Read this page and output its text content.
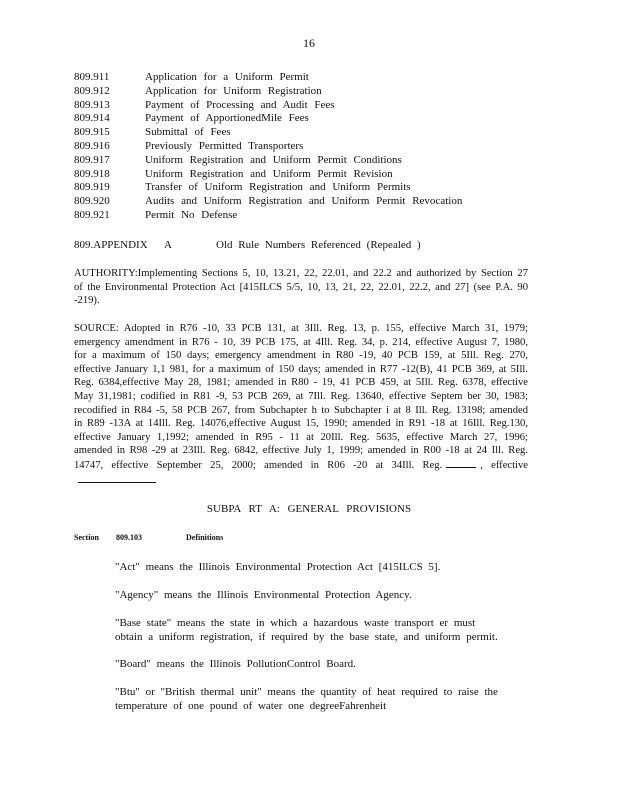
16
809.911	Application for a Uniform Permit
809.912	Application for Uniform Registration
809.913	Payment of Processing and Audit Fees
809.914	Payment of ApportionedMile Fees
809.915	Submittal of Fees
809.916	Previously Permitted Transporters
809.917	Uniform Registration and Uniform Permit Conditions
809.918	Uniform Registration and Uniform Permit Revision
809.919	Transfer of Uniform Registration and Uniform Permits
809.920	Audits and Uniform Registration and Uniform Permit Revocation
809.921	Permit No Defense
809.APPENDIX A	Old Rule Numbers Referenced (Repealed )
AUTHORITY:Implementing Sections 5, 10, 13.21, 22, 22.01, and 22.2 and authorized by Section 27 of the Environmental Protection Act [415ILCS 5/5, 10, 13, 21, 22, 22.01, 22.2, and 27] (see P.A. 90 -219).
SOURCE: Adopted in R76 -10, 33 PCB 131, at 3Ill. Reg. 13, p. 155, effective March 31, 1979; emergency amendment in R76 - 10, 39 PCB 175, at 4Ill. Reg. 34, p. 214, effective August 7, 1980, for a maximum of 150 days; emergency amendment in R80 -19, 40 PCB 159, at 5Ill. Reg. 270, effective January 1,1 981, for a maximum of 150 days; amended in R77 -12(B), 41 PCB 369, at 5Ill. Reg. 6384,effective May 28, 1981; amended in R80 - 19, 41 PCB 459, at 5Ill. Reg. 6378, effective May 31,1981; codified in R81 -9, 53 PCB 269, at 7Ill. Reg. 13640, effective Septem ber 30, 1983; recodified in R84 -5, 58 PCB 267, from Subchapter h to Subchapter i at 8 Ill. Reg. 13198; amended in R89 -13A at 14Ill. Reg. 14076,effective August 15, 1990; amended in R91 -18 at 16Ill. Reg.130, effective January 1,1992; amended in R95 - 11 at 20Ill. Reg. 5635, effective March 27, 1996; amended in R98 -29 at 23Ill. Reg. 6842, effective July 1, 1999; amended in R00 -18 at 24 Ill. Reg. 14747, effective September 25, 2000; amended in R06 -20 at 34Ill. Reg.	, effective
SUBPA RT A: GENERAL PROVISIONS
Section 809.103	Definitions
"Act" means the Illinois Environmental Protection Act [415ILCS 5].
"Agency" means the Illinois Environmental Protection Agency.
"Base state" means the state in which a hazardous waste transport er must obtain a uniform registration, if required by the base state, and uniform permit.
"Board" means the Illinois PollutionControl Board.
"Btu" or "British thermal unit" means the quantity of heat required to raise the temperature of one pound of water one degreeFahrenheit
